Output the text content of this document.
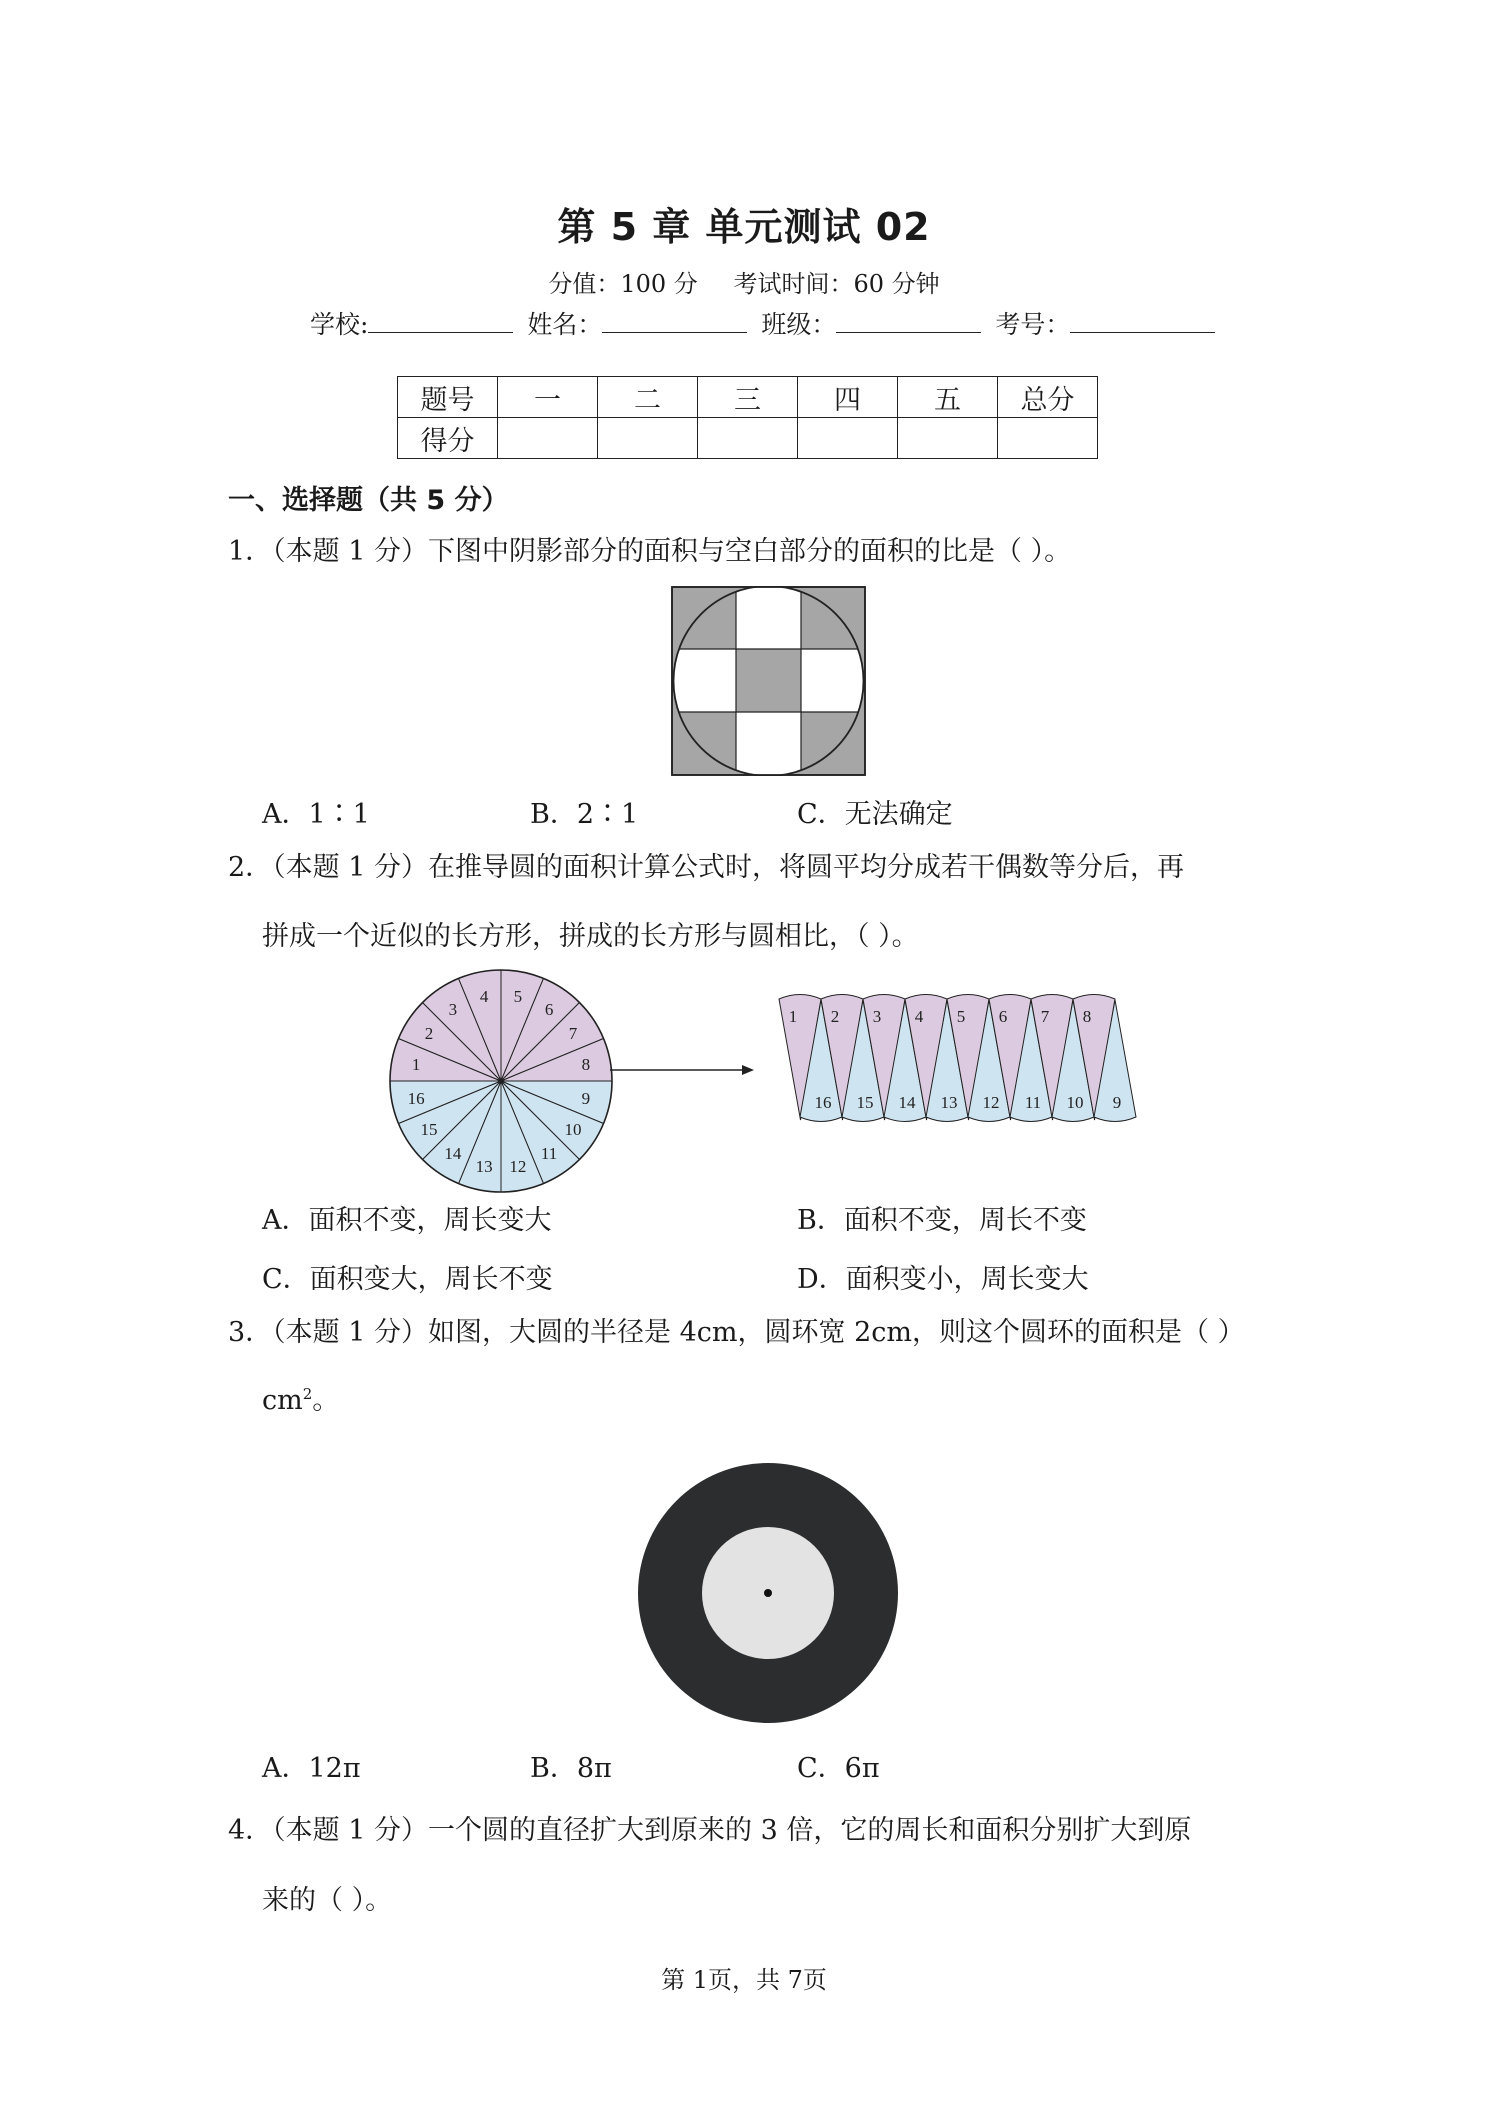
第 5 章 单元测试 02
分值：100 分 考试时间：60 分钟
学校:	姓名：	班级：	考号：
题号	一	二	三	四	五	总分
得分						
一、选择题（共 5 分）
1．（本题 1 分）下图中阴影部分的面积与空白部分的面积的比是（ ）。
A．1∶1	B．2∶1	C．无法确定
2．（本题 1 分）在推导圆的面积计算公式时，将圆平均分成若干偶数等分后，再
拼成一个近似的长方形，拼成的长方形与圆相比，（ ）。
1
2
3
4 5
6
7
8
9
10
11
12
13
14
15
16
1
16
2
15
3
14
4
13
5
12
6
11
7
10
8
9
A．面积不变，周长变大	B．面积不变，周长不变
C．面积变大，周长不变	D．面积变小，周长变大
3．（本题 1 分）如图，大圆的半径是 4cm，圆环宽 2cm，则这个圆环的面积是（ ）
$cm^2$。
A．12π	B．8π	C．6π
4．（本题 1 分）一个圆的直径扩大到原来的 3 倍，它的周长和面积分别扩大到原
来的（ ）。
第 1页，共 7页
